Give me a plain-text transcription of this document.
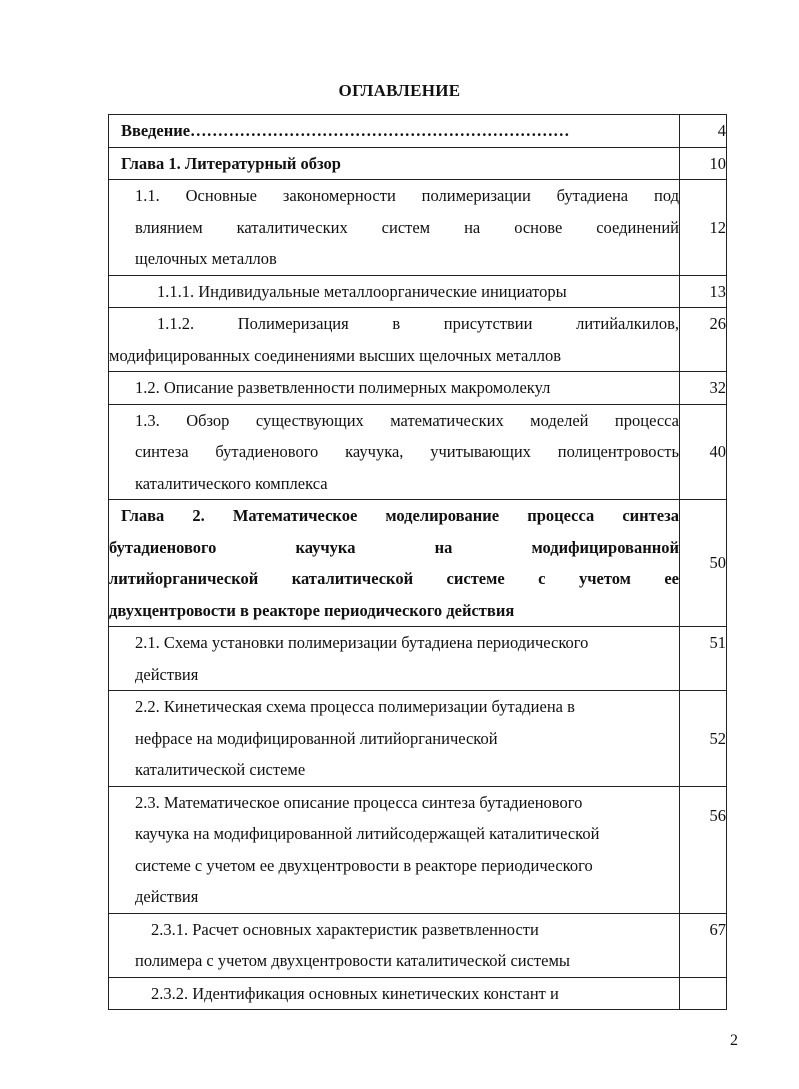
ОГЛАВЛЕНИЕ
Введение……………………………………………………………	4

Глава 1. Литературный обзор	10

1.1. Основные закономерности полимеризации бутадиена под
влиянием каталитических систем на основе соединений
щелочных металлов	12

1.1.1. Индивидуальные металлоорганические инициаторы	13

1.1.2. Полимеризация в присутствии литийалкилов,
модифицированных соединениями высших щелочных металлов	26

1.2. Описание разветвленности полимерных макромолекул	32

1.3. Обзор существующих математических моделей процесса
синтеза бутадиенового каучука, учитывающих полицентровость
каталитического комплекса	40

Глава 2. Математическое моделирование процесса синтеза
бутадиенового каучука на модифицированной
литийорганической каталитической системе с учетом ее
двухцентровости в реакторе периодического действия	50

2.1. Схема установки полимеризации бутадиена периодического
действия	51

2.2. Кинетическая схема процесса полимеризации бутадиена в
нефрасе на модифицированной литийорганической
каталитической системе	52

2.3. Математическое описание процесса синтеза бутадиенового
каучука на модифицированной литийсодержащей каталитической
системе с учетом ее двухцентровости в реакторе периодического
действия	56

2.3.1. Расчет основных характеристик разветвленности
полимера с учетом двухцентровости каталитической системы	67

2.3.2. Идентификация основных кинетических констант и	

2
